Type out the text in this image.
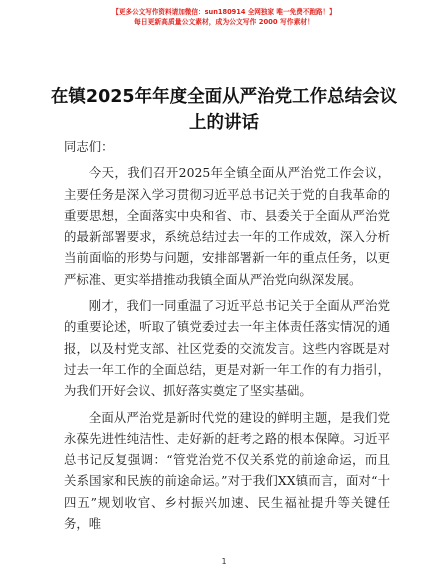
【更多公文写作资料请加微信：sun180914 全网独家 唯一免费不跑路！】
每日更新高质量公文素材，成为公文写作 2000 写作素材！
在镇2025年年度全面从严治党工作总结会议上的讲话

同志们：

今天，我们召开2025年全镇全面从严治党工作会议，主要任务是深入学习贯彻习近平总书记关于党的自我革命的重要思想，全面落实中央和省、市、县委关于全面从严治党的最新部署要求，系统总结过去一年的工作成效，深入分析当前面临的形势与问题，安排部署新一年的重点任务，以更严标准、更实举措推动我镇全面从严治党向纵深发展。

刚才，我们一同重温了习近平总书记关于全面从严治党的重要论述，听取了镇党委过去一年主体责任落实情况的通报，以及村党支部、社区党委的交流发言。这些内容既是对过去一年工作的全面总结，更是对新一年工作的有力指引，为我们开好会议、抓好落实奠定了坚实基础。

全面从严治党是新时代党的建设的鲜明主题，是我们党永葆先进性纯洁性、走好新的赶考之路的根本保障。习近平总书记反复强调：“管党治党不仅关系党的前途命运，而且关系国家和民族的前途命运。”对于我们XX镇而言，面对“十四五”规划收官、乡村振兴加速、民生福祉提升等关键任务，唯

1
